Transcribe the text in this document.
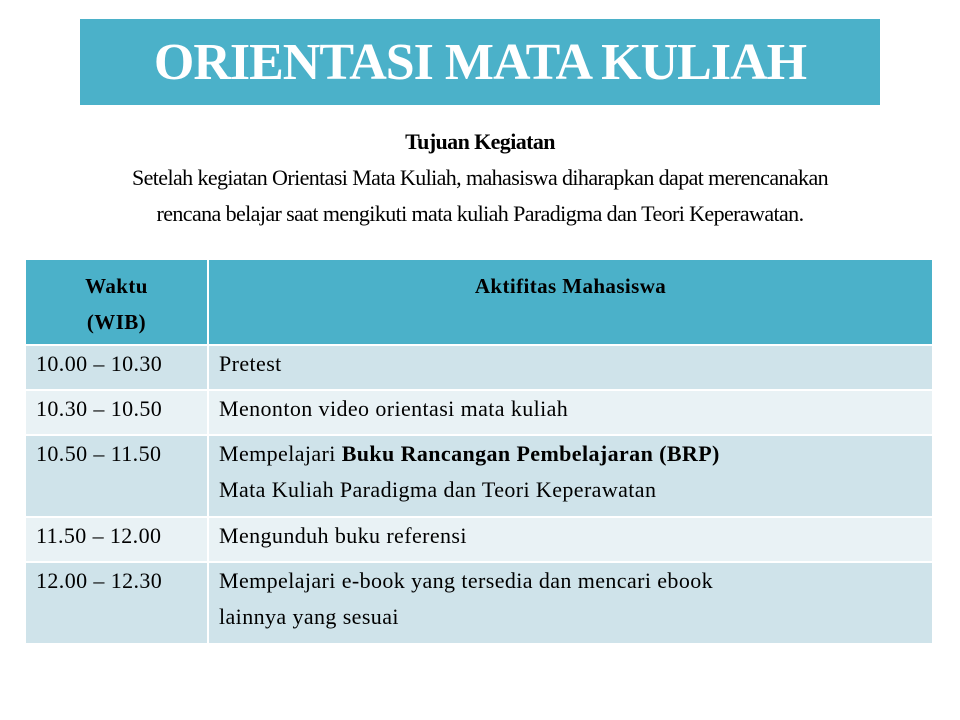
ORIENTASI MATA KULIAH
Tujuan Kegiatan
Setelah kegiatan Orientasi Mata Kuliah, mahasiswa diharapkan dapat merencanakan
rencana belajar saat mengikuti mata kuliah Paradigma dan Teori Keperawatan.
Waktu
(WIB)	Aktifitas Mahasiswa
10.00 – 10.30	Pretest
10.30 – 10.50	Menonton video orientasi mata kuliah
10.50 – 11.50	Mempelajari Buku Rancangan Pembelajaran (BRP)
Mata Kuliah Paradigma dan Teori Keperawatan
11.50 – 12.00	Mengunduh buku referensi
12.00 – 12.30	Mempelajari e-book yang tersedia dan mencari ebook
lainnya yang sesuai
